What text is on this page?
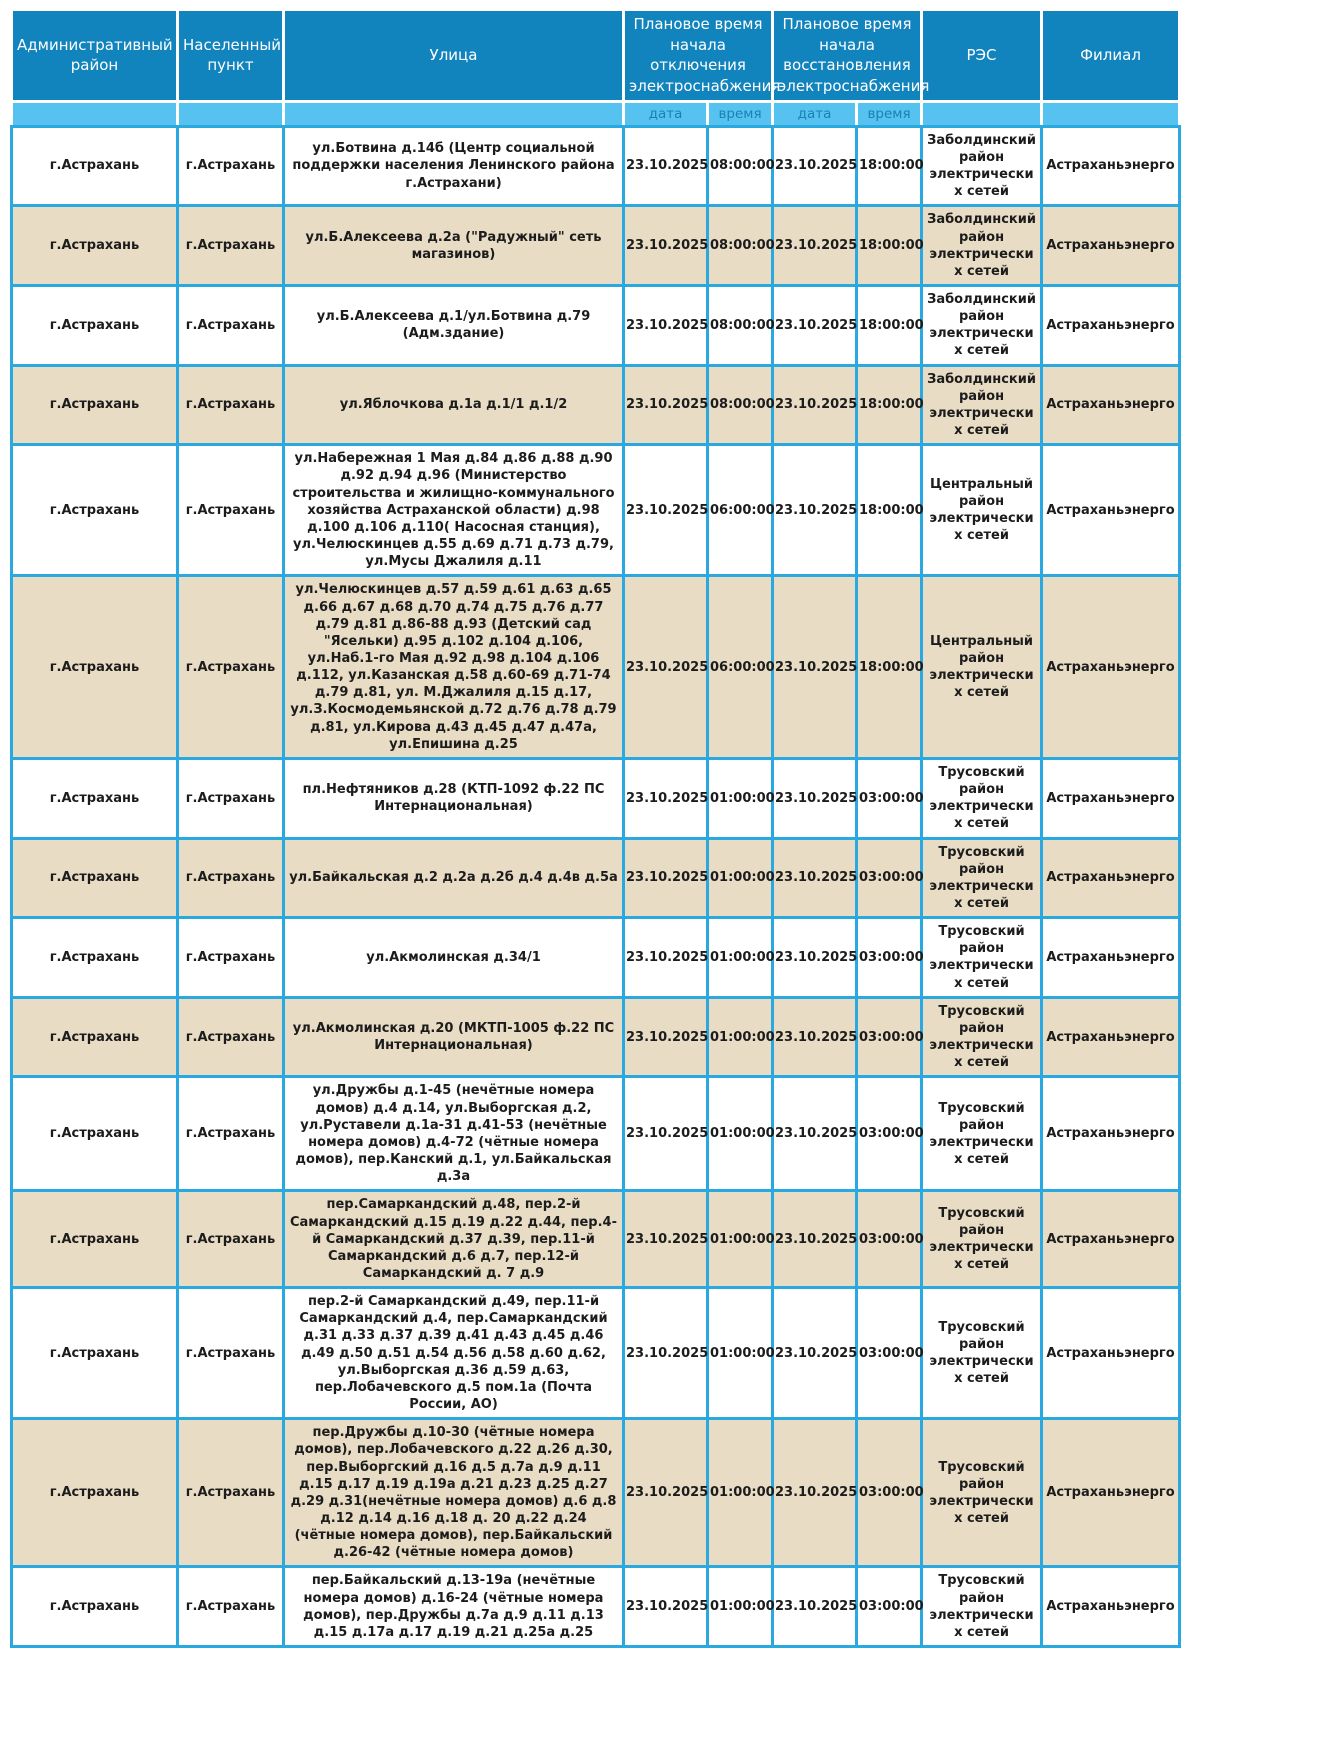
Административный район	Населенный пункт	Улица	Плановое время начала отключения электроснабжения		Плановое время начала восстановления электроснабжения		РЭС	Филиал
			дата	время	дата	время		
г.Астрахань	г.Астрахань	ул.Ботвина д.14б (Центр социальной поддержки населения Ленинского района г.Астрахани)	23.10.2025	08:00:00	23.10.2025	18:00:00	Заболдинский район электрических сетей	Астраханьэнерго
г.Астрахань	г.Астрахань	ул.Б.Алексеева д.2а ("Радужный" сеть магазинов)	23.10.2025	08:00:00	23.10.2025	18:00:00	Заболдинский район электрических сетей	Астраханьэнерго
г.Астрахань	г.Астрахань	ул.Б.Алексеева д.1/ул.Ботвина д.79 (Адм.здание)	23.10.2025	08:00:00	23.10.2025	18:00:00	Заболдинский район электрических сетей	Астраханьэнерго
г.Астрахань	г.Астрахань	ул.Яблочкова д.1а д.1/1 д.1/2	23.10.2025	08:00:00	23.10.2025	18:00:00	Заболдинский район электрических сетей	Астраханьэнерго
г.Астрахань	г.Астрахань	ул.Набережная 1 Мая д.84 д.86 д.88 д.90 д.92 д.94 д.96 (Министерство строительства и жилищно-коммунального хозяйства Астраханской области) д.98 д.100 д.106 д.110( Насосная станция), ул.Челюскинцев д.55 д.69 д.71 д.73 д.79, ул.Мусы Джалиля д.11	23.10.2025	06:00:00	23.10.2025	18:00:00	Центральный район электрических сетей	Астраханьэнерго
г.Астрахань	г.Астрахань	ул.Челюскинцев д.57 д.59 д.61 д.63 д.65 д.66 д.67 д.68 д.70 д.74 д.75 д.76 д.77 д.79 д.81 д.86-88 д.93 (Детский сад "Ясельки) д.95 д.102 д.104 д.106, ул.Наб.1-го Мая д.92 д.98 д.104 д.106 д.112, ул.Казанская д.58 д.60-69 д.71-74 д.79 д.81, ул. М.Джалиля д.15 д.17, ул.З.Космодемьянской д.72 д.76 д.78 д.79 д.81, ул.Кирова д.43 д.45 д.47 д.47а, ул.Епишина д.25	23.10.2025	06:00:00	23.10.2025	18:00:00	Центральный район электрических сетей	Астраханьэнерго
г.Астрахань	г.Астрахань	пл.Нефтяников д.28 (КТП-1092 ф.22 ПС Интернациональная)	23.10.2025	01:00:00	23.10.2025	03:00:00	Трусовский район электрических сетей	Астраханьэнерго
г.Астрахань	г.Астрахань	ул.Байкальская д.2 д.2а д.2б д.4 д.4в д.5а	23.10.2025	01:00:00	23.10.2025	03:00:00	Трусовский район электрических сетей	Астраханьэнерго
г.Астрахань	г.Астрахань	ул.Акмолинская д.34/1	23.10.2025	01:00:00	23.10.2025	03:00:00	Трусовский район электрических сетей	Астраханьэнерго
г.Астрахань	г.Астрахань	ул.Акмолинская д.20 (МКТП-1005 ф.22 ПС Интернациональная)	23.10.2025	01:00:00	23.10.2025	03:00:00	Трусовский район электрических сетей	Астраханьэнерго
г.Астрахань	г.Астрахань	ул.Дружбы д.1-45 (нечётные номера домов) д.4 д.14, ул.Выборгская д.2, ул.Руставели д.1а-31 д.41-53 (нечётные номера домов) д.4-72 (чётные номера домов), пер.Канский д.1, ул.Байкальская д.3а	23.10.2025	01:00:00	23.10.2025	03:00:00	Трусовский район электрических сетей	Астраханьэнерго
г.Астрахань	г.Астрахань	пер.Самаркандский д.48, пер.2-й Самаркандский д.15 д.19 д.22 д.44, пер.4-й Самаркандский д.37 д.39, пер.11-й Самаркандский д.6 д.7, пер.12-й Самаркандский д. 7 д.9	23.10.2025	01:00:00	23.10.2025	03:00:00	Трусовский район электрических сетей	Астраханьэнерго
г.Астрахань	г.Астрахань	пер.2-й Самаркандский д.49, пер.11-й Самаркандский д.4, пер.Самаркандский д.31 д.33 д.37 д.39 д.41 д.43 д.45 д.46 д.49 д.50 д.51 д.54 д.56 д.58 д.60 д.62, ул.Выборгская д.36 д.59 д.63, пер.Лобачевского д.5 пом.1а (Почта России, АО)	23.10.2025	01:00:00	23.10.2025	03:00:00	Трусовский район электрических сетей	Астраханьэнерго
г.Астрахань	г.Астрахань	пер.Дружбы д.10-30 (чётные номера домов), пер.Лобачевского д.22 д.26 д.30, пер.Выборгский д.16 д.5 д.7а д.9 д.11 д.15 д.17 д.19 д.19а д.21 д.23 д.25 д.27 д.29 д.31(нечётные номера домов) д.6 д.8 д.12 д.14 д.16 д.18 д. 20 д.22 д.24 (чётные номера домов), пер.Байкальский д.26-42 (чётные номера домов)	23.10.2025	01:00:00	23.10.2025	03:00:00	Трусовский район электрических сетей	Астраханьэнерго
г.Астрахань	г.Астрахань	пер.Байкальский д.13-19а (нечётные номера домов) д.16-24 (чётные номера домов), пер.Дружбы д.7а д.9 д.11 д.13 д.15 д.17а д.17 д.19 д.21 д.25а д.25	23.10.2025	01:00:00	23.10.2025	03:00:00	Трусовский район электрических сетей	Астраханьэнерго
